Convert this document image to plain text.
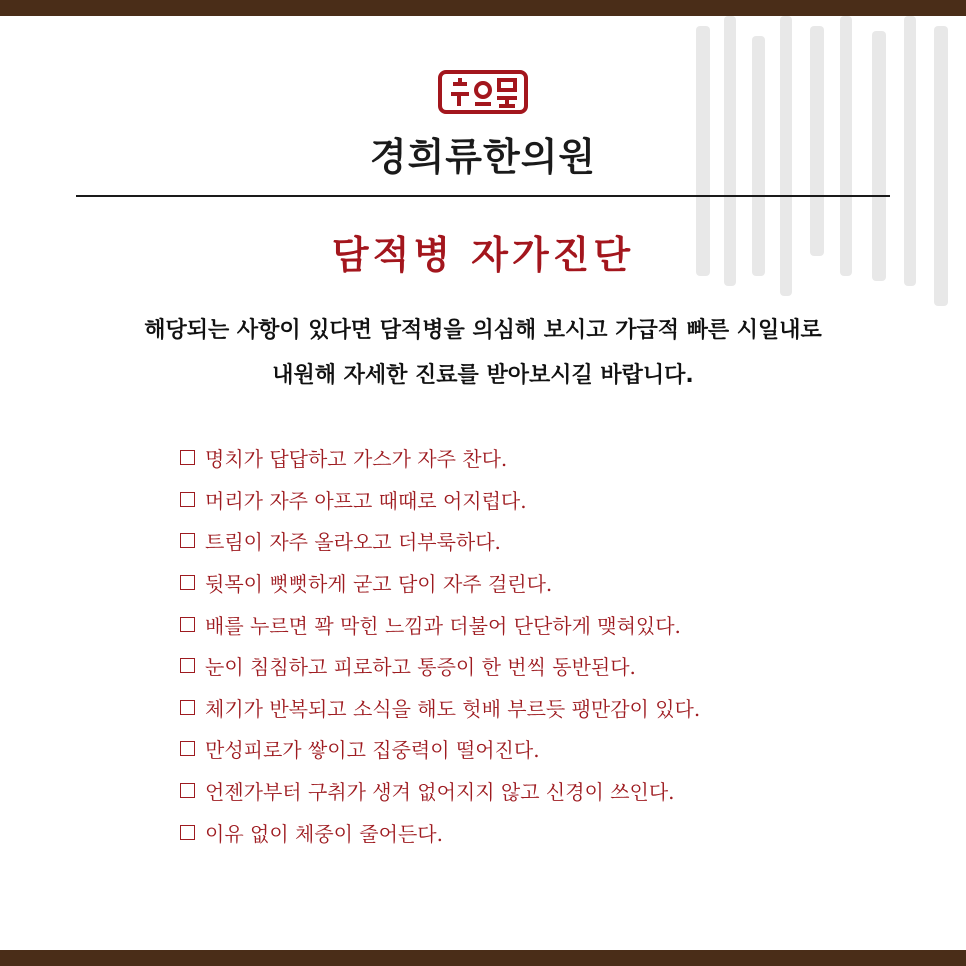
경희류한의원
담적병 자가진단
해당되는 사항이 있다면 담적병을 의심해 보시고 가급적 빠른 시일내로
내원해 자세한 진료를 받아보시길 바랍니다.
명치가 답답하고 가스가 자주 찬다.
머리가 자주 아프고 때때로 어지럽다.
트림이 자주 올라오고 더부룩하다.
뒷목이 뻣뻣하게 굳고 담이 자주 걸린다.
배를 누르면 꽉 막힌 느낌과 더불어 단단하게 맺혀있다.
눈이 침침하고 피로하고 통증이 한 번씩 동반된다.
체기가 반복되고 소식을 해도 헛배 부르듯 팽만감이 있다.
만성피로가 쌓이고 집중력이 떨어진다.
언젠가부터 구취가 생겨 없어지지 않고 신경이 쓰인다.
이유 없이 체중이 줄어든다.
